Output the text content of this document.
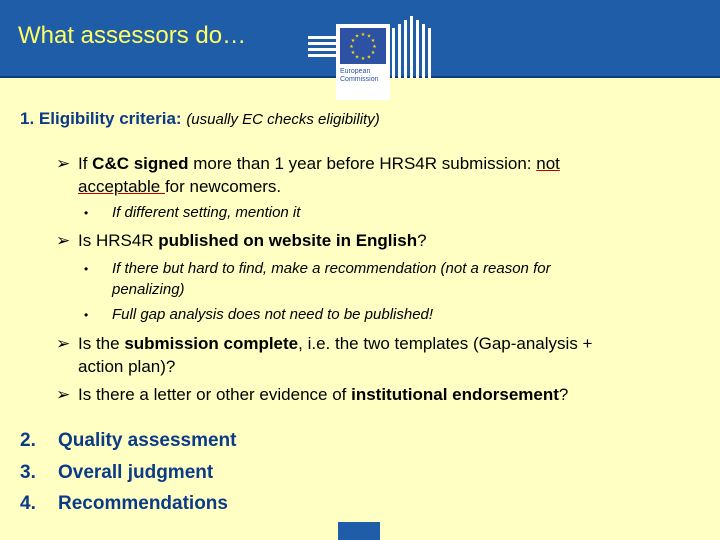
What assessors do…	★ ★
★
★
★
★
★
★
★
★
★
★
European
Commission
1. Eligibility criteria: (usually EC checks eligibility)
➢ If C&C signed more than 1 year before HRS4R submission: not
acceptable for newcomers.
• If different setting, mention it
➢ Is HRS4R published on website in English?
• If there but hard to find, make a recommendation (not a reason for
penalizing)
• Full gap analysis does not need to be published!
➢ Is the submission complete, i.e. the two templates (Gap-analysis +
action plan)?
➢ Is there a letter or other evidence of institutional endorsement?
2. Quality assessment
3. Overall judgment
4. Recommendations
